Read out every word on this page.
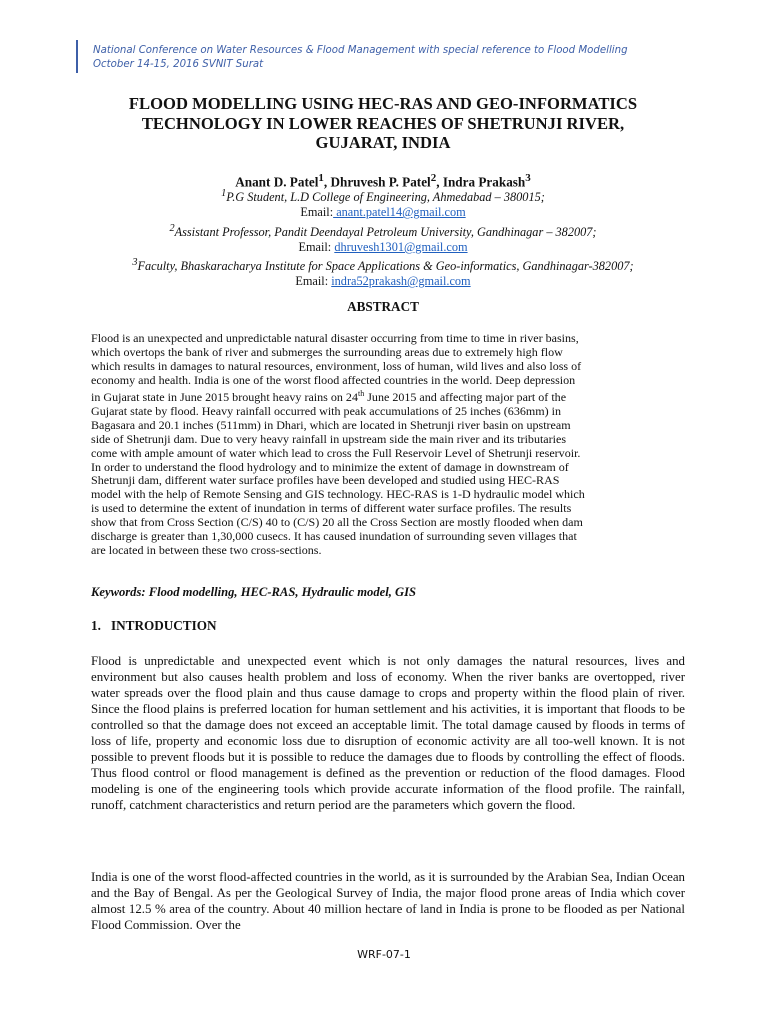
National Conference on Water Resources & Flood Management with special reference to Flood Modelling
October 14-15, 2016 SVNIT Surat
FLOOD MODELLING USING HEC-RAS AND GEO-INFORMATICS
TECHNOLOGY IN LOWER REACHES OF SHETRUNJI RIVER,
GUJARAT, INDIA
Anant D. Patel$^1$, Dhruvesh P. Patel$^2$, Indra Prakash$^3$
$^1$P.G Student, L.D College of Engineering, Ahmedabad – 380015;
Email: anant.patel14@gmail.com
$^2$Assistant Professor, Pandit Deendayal Petroleum University, Gandhinagar – 382007;
Email: dhruvesh1301@gmail.com
$^3$Faculty, Bhaskaracharya Institute for Space Applications & Geo-informatics, Gandhinagar-382007;
Email: indra52prakash@gmail.com
ABSTRACT
Flood is an unexpected and unpredictable natural disaster occurring from time to time in river basins,
which overtops the bank of river and submerges the surrounding areas due to extremely high flow
which results in damages to natural resources, environment, loss of human, wild lives and also loss of
economy and health. India is one of the worst flood affected countries in the world. Deep depression
in Gujarat state in June 2015 brought heavy rains on 24th June 2015 and affecting major part of the
Gujarat state by flood. Heavy rainfall occurred with peak accumulations of 25 inches (636mm) in
Bagasara and 20.1 inches (511mm) in Dhari, which are located in Shetrunji river basin on upstream
side of Shetrunji dam. Due to very heavy rainfall in upstream side the main river and its tributaries
come with ample amount of water which lead to cross the Full Reservoir Level of Shetrunji reservoir.
In order to understand the flood hydrology and to minimize the extent of damage in downstream of
Shetrunji dam, different water surface profiles have been developed and studied using HEC-RAS
model with the help of Remote Sensing and GIS technology. HEC-RAS is 1-D hydraulic model which
is used to determine the extent of inundation in terms of different water surface profiles. The results
show that from Cross Section (C/S) 40 to (C/S) 20 all the Cross Section are mostly flooded when dam
discharge is greater than 1,30,000 cusecs. It has caused inundation of surrounding seven villages that
are located in between these two cross-sections.
Keywords: Flood modelling, HEC-RAS, Hydraulic model, GIS
1. INTRODUCTION

Flood is unpredictable and unexpected event which is not only damages the natural resources, lives and environment but also causes health problem and loss of economy. When the river banks are overtopped, river water spreads over the flood plain and thus cause damage to crops and property within the flood plain of river. Since the flood plains is preferred location for human settlement and his activities, it is important that floods to be controlled so that the damage does not exceed an acceptable limit. The total damage caused by floods in terms of loss of life, property and economic loss due to disruption of economic activity are all too-well known. It is not possible to prevent floods but it is possible to reduce the damages due to floods by controlling the effect of floods. Thus flood control or flood management is defined as the prevention or reduction of the flood damages. Flood modeling is one of the engineering tools which provide accurate information of the flood profile. The rainfall, runoff, catchment characteristics and return period are the parameters which govern the flood.

India is one of the worst flood-affected countries in the world, as it is surrounded by the Arabian Sea, Indian Ocean and the Bay of Bengal. As per the Geological Survey of India, the major flood prone areas of India which cover almost 12.5 % area of the country. About 40 million hectare of land in India is prone to be flooded as per National Flood Commission. Over the

WRF-07-1
